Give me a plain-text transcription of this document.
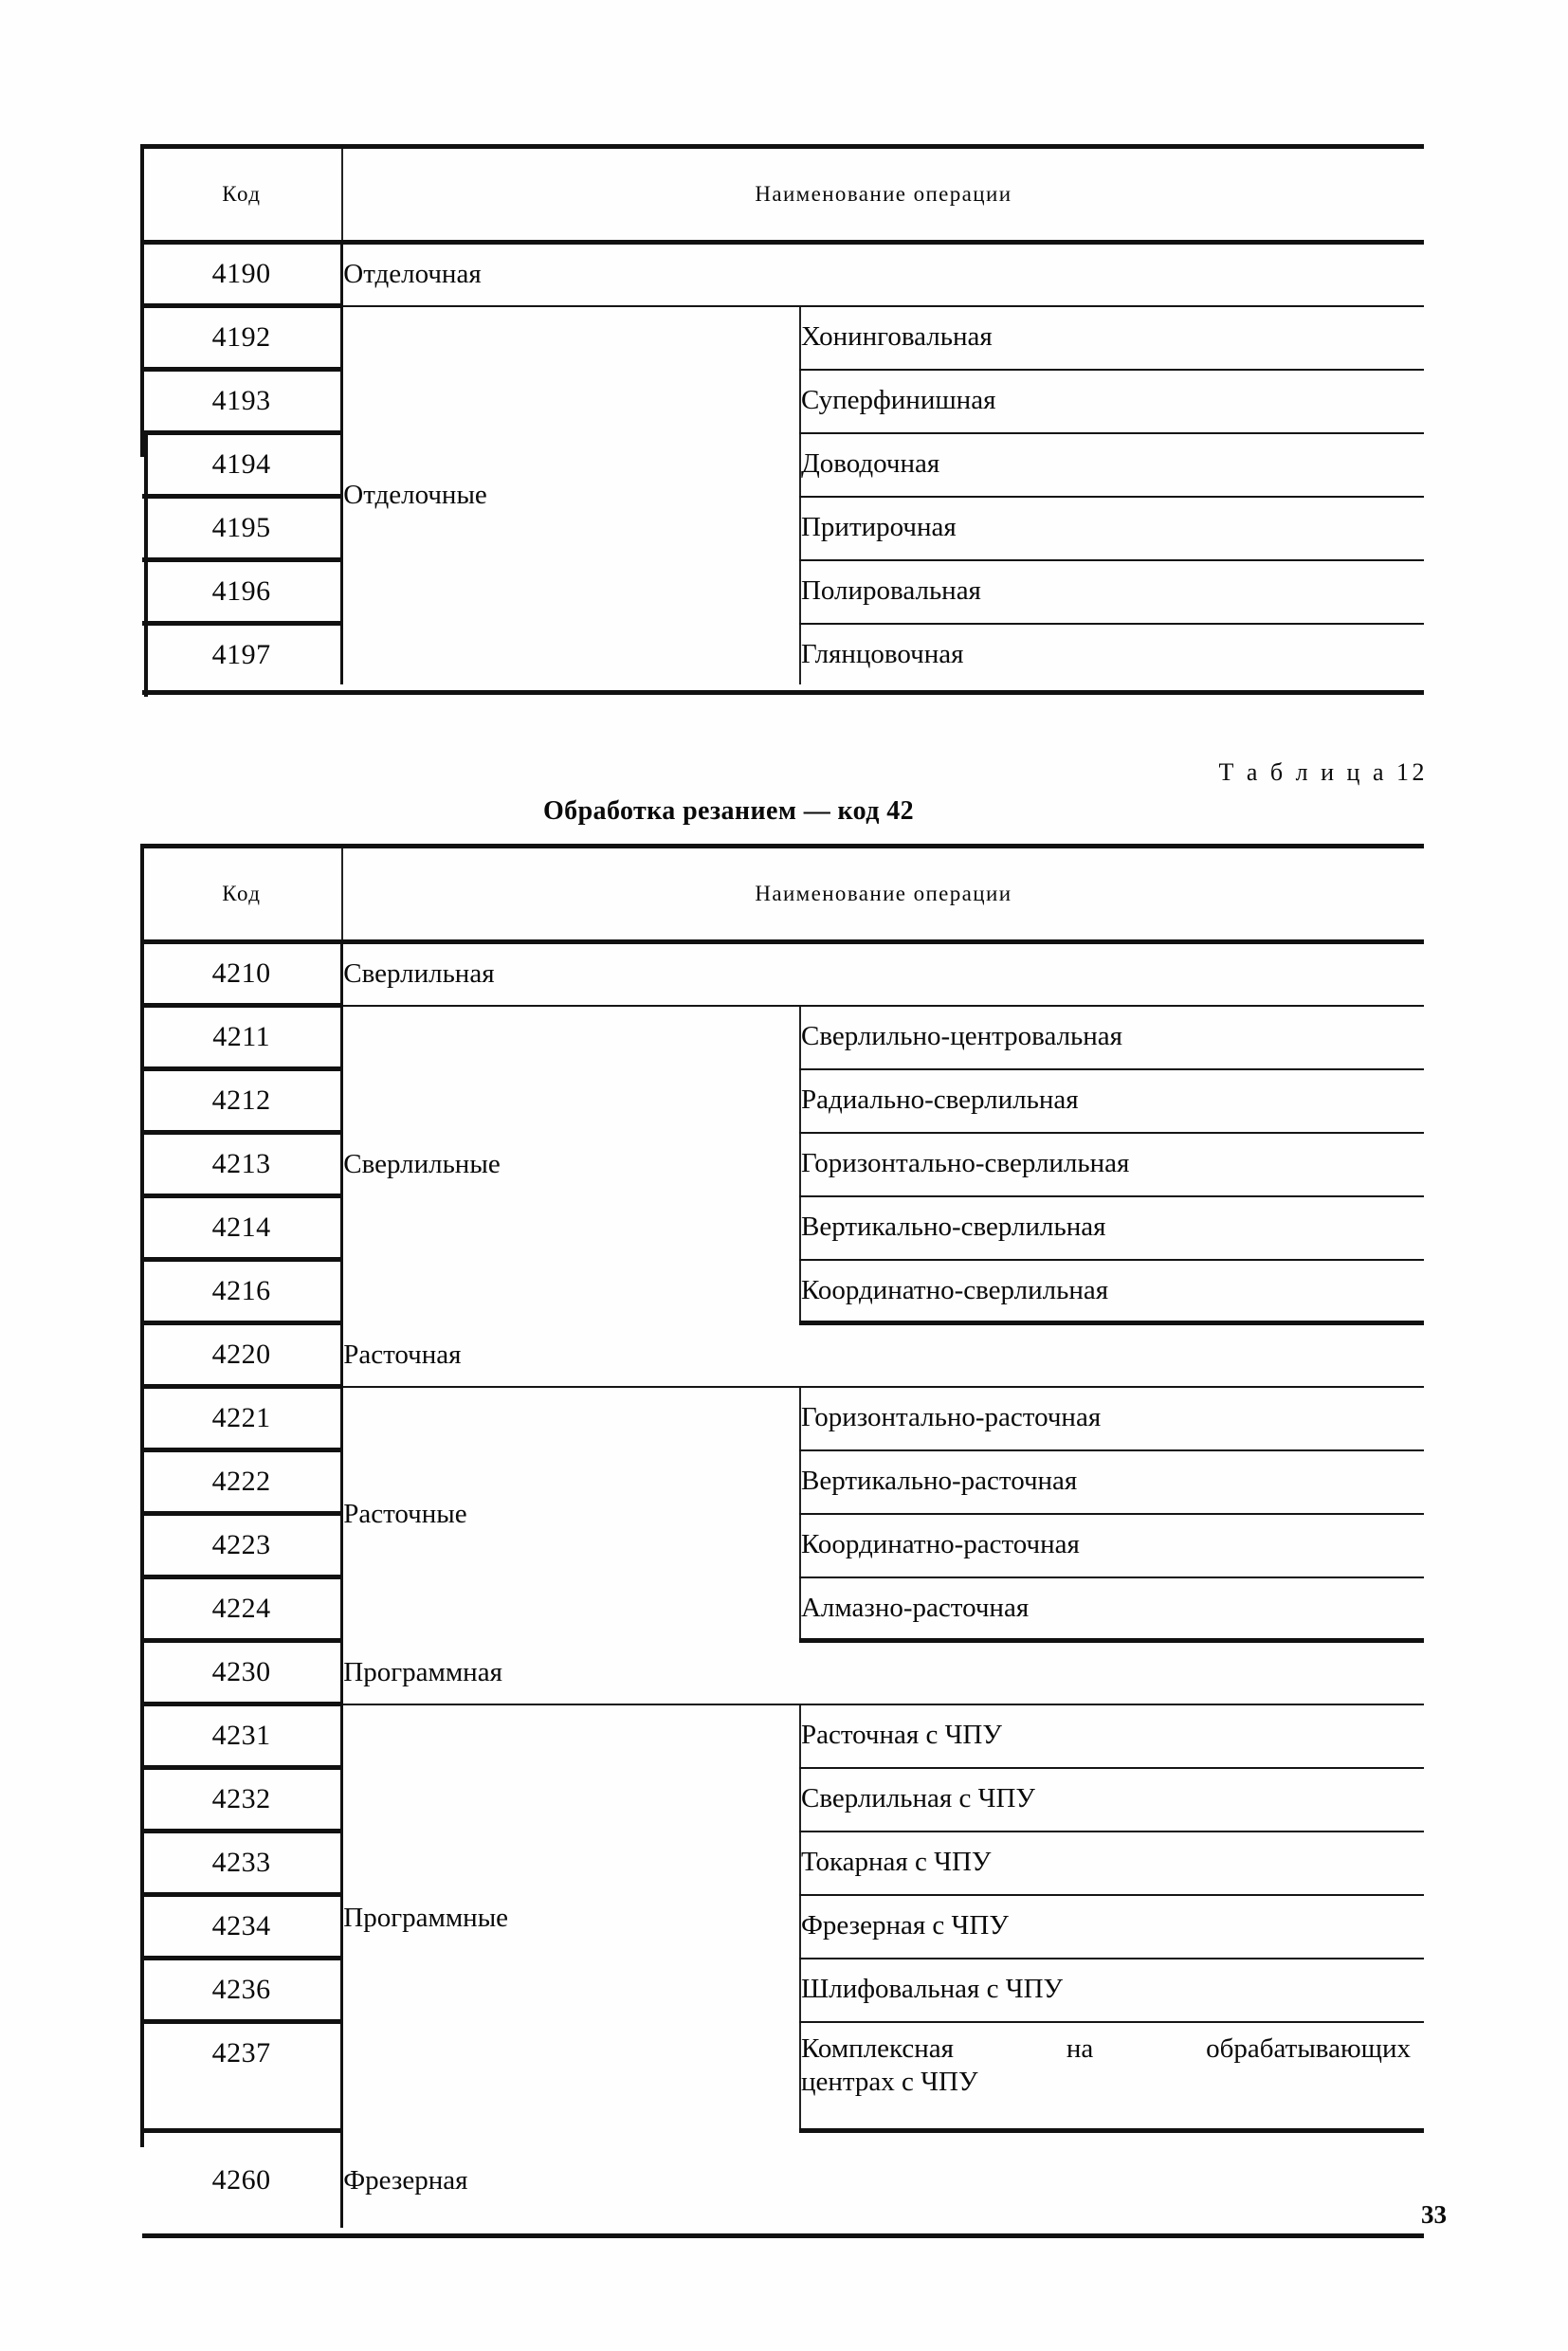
Код	Наименование операции	
4190	Отделочная	
4192	Отделочные	Хонинговальная
4193		Суперфинишная
4194		Доводочная
4195		Притирочная
4196		Полировальная
4197		Глянцовочная

Т а б л и ц а 12
Обработка резанием — код 42
Код	Наименование операции	
4210	Сверлильная	
4211	Сверлильные	Сверлильно-центровальная
4212		Радиально-сверлильная
4213		Горизонтально-сверлильная
4214		Вертикально-сверлильная
4216		Координатно-сверлильная
4220	Расточная	
4221	Расточные	Горизонтально-расточная
4222		Вертикально-расточная
4223		Координатно-расточная
4224		Алмазно-расточная
4230	Программная	
4231	Программные	Расточная с ЧПУ
4232		Сверлильная с ЧПУ
4233		Токарная с ЧПУ
4234		Фрезерная с ЧПУ
4236		Шлифовальная с ЧПУ
4237		Комплексная на обрабатывающих
центрах с ЧПУ

4260	Фрезерная	

33
